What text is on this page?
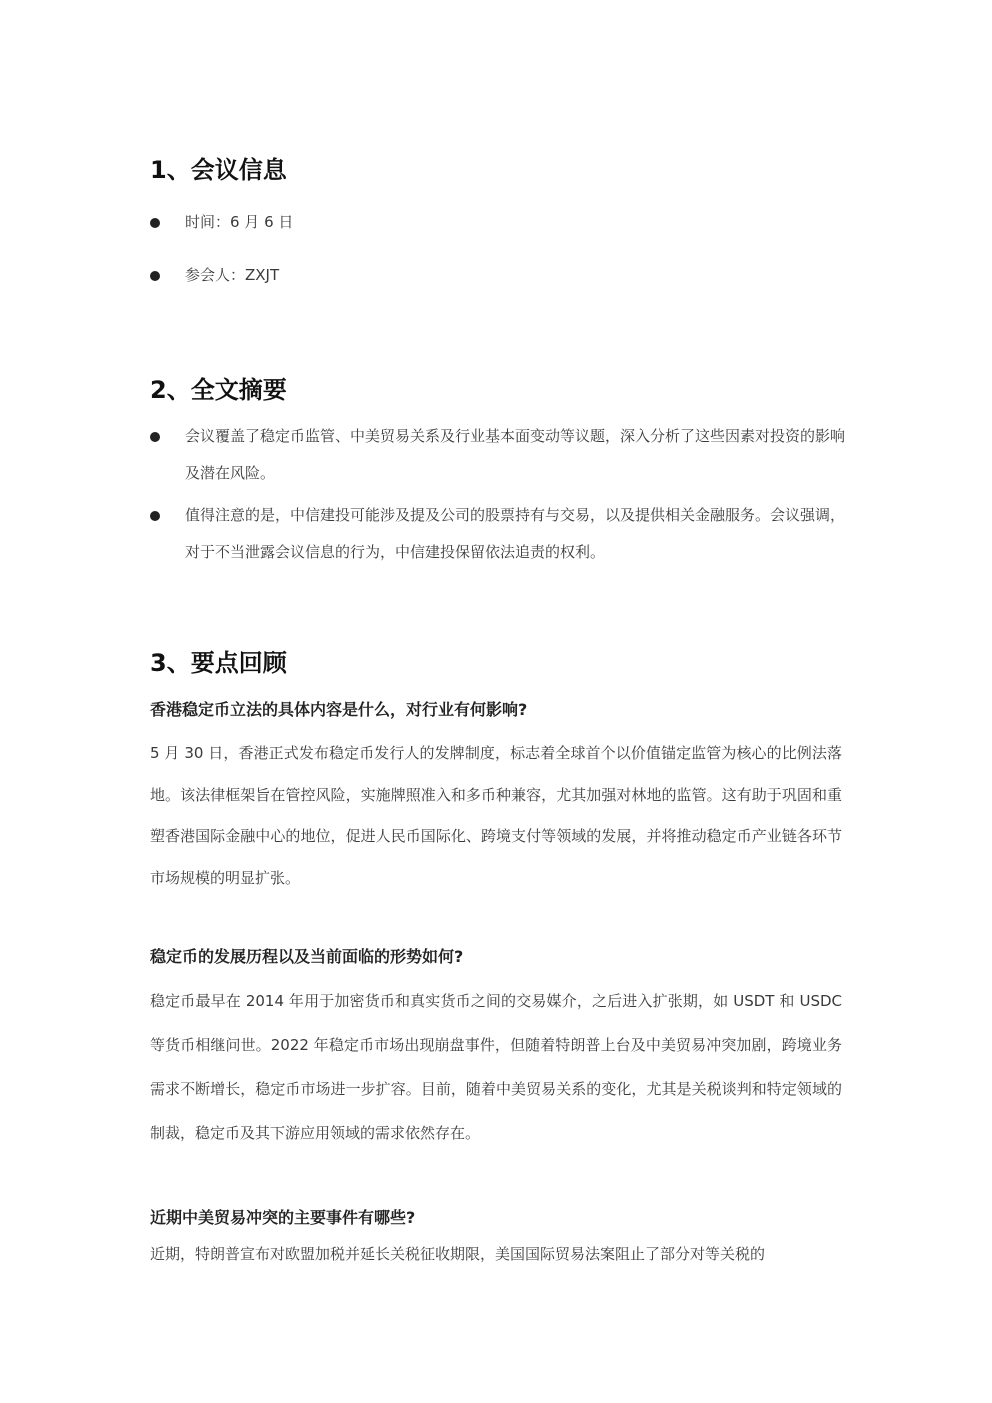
1、会议信息
时间：6 月 6 日
参会人：ZXJT
2、全文摘要
会议覆盖了稳定币监管、中美贸易关系及行业基本面变动等议题，深入分析了这些因素对投资的影响及潜在风险。
值得注意的是，中信建投可能涉及提及公司的股票持有与交易，以及提供相关金融服务。会议强调，对于不当泄露会议信息的行为，中信建投保留依法追责的权利。
3、要点回顾
香港稳定币立法的具体内容是什么，对行业有何影响?
5 月 30 日，香港正式发布稳定币发行人的发牌制度，标志着全球首个以价值锚定监管为核心的比例法落地。该法律框架旨在管控风险，实施牌照准入和多币种兼容，尤其加强对林地的监管。这有助于巩固和重塑香港国际金融中心的地位，促进人民币国际化、跨境支付等领域的发展，并将推动稳定币产业链各环节市场规模的明显扩张。
稳定币的发展历程以及当前面临的形势如何?
稳定币最早在 2014 年用于加密货币和真实货币之间的交易媒介，之后进入扩张期，如 USDT 和 USDC 等货币相继问世。2022 年稳定币市场出现崩盘事件，但随着特朗普上台及中美贸易冲突加剧，跨境业务需求不断增长，稳定币市场进一步扩容。目前，随着中美贸易关系的变化，尤其是关税谈判和特定领域的制裁，稳定币及其下游应用领域的需求依然存在。
近期中美贸易冲突的主要事件有哪些?
近期，特朗普宣布对欧盟加税并延长关税征收期限，美国国际贸易法案阻止了部分对等关税的
